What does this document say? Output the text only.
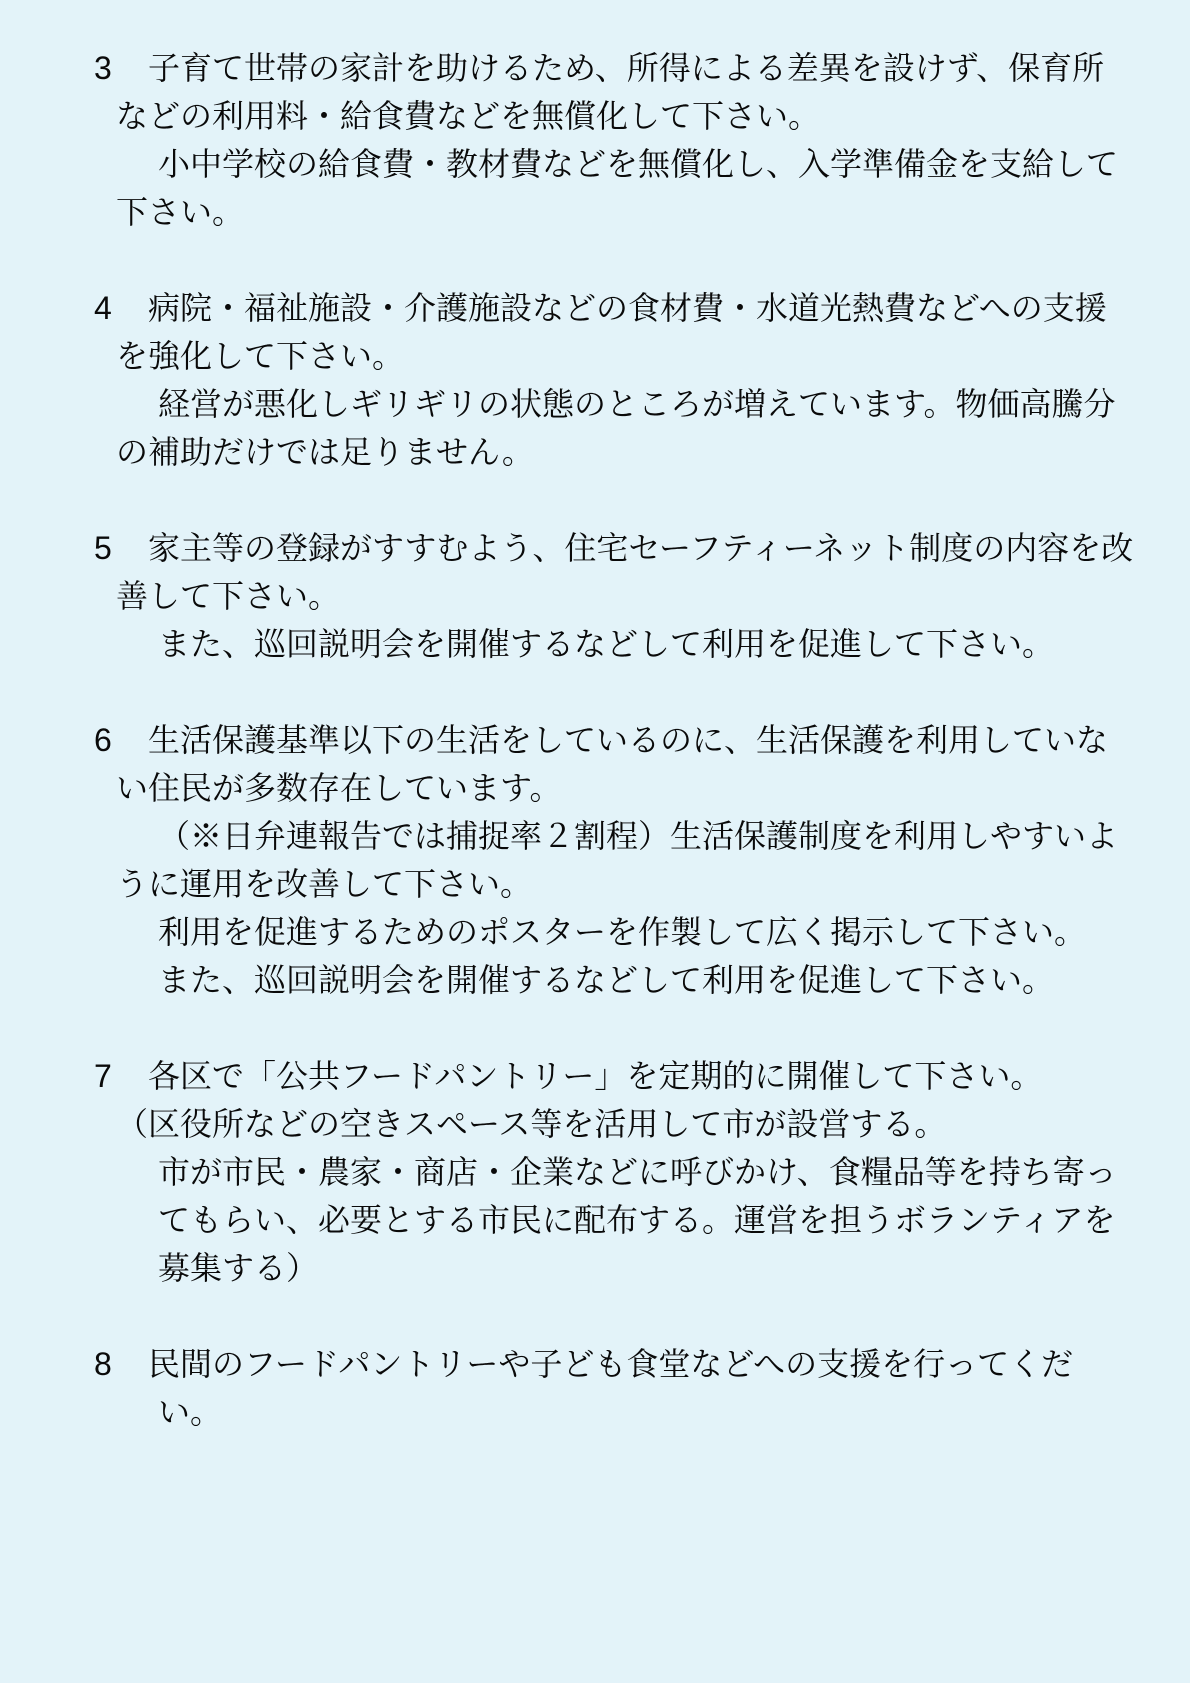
3	子育て世帯の家計を助けるため、所得による差異を設けず、保育所
などの利用料・給食費などを無償化して下さい。
小中学校の給食費・教材費などを無償化し、入学準備金を支給して
下さい。
4	病院・福祉施設・介護施設などの食材費・水道光熱費などへの支援
を強化して下さい。
経営が悪化しギリギリの状態のところが増えています。物価高騰分
の補助だけでは足りません。
5	家主等の登録がすすむよう、住宅セーフティーネット制度の内容を改
善して下さい。
また、巡回説明会を開催するなどして利用を促進して下さい。
6	生活保護基準以下の生活をしているのに、生活保護を利用していな
い住民が多数存在しています。
（※日弁連報告では捕捉率２割程）生活保護制度を利用しやすいよ
うに運用を改善して下さい。
利用を促進するためのポスターを作製して広く掲示して下さい。
また、巡回説明会を開催するなどして利用を促進して下さい。
7	各区で「公共フードパントリー」を定期的に開催して下さい。
（区役所などの空きスペース等を活用して市が設営する。
市が市民・農家・商店・企業などに呼びかけ、食糧品等を持ち寄っ
てもらい、必要とする市民に配布する。運営を担うボランティアを
募集する）
8	民間のフードパントリーや子ども食堂などへの支援を行ってくだ
い。
